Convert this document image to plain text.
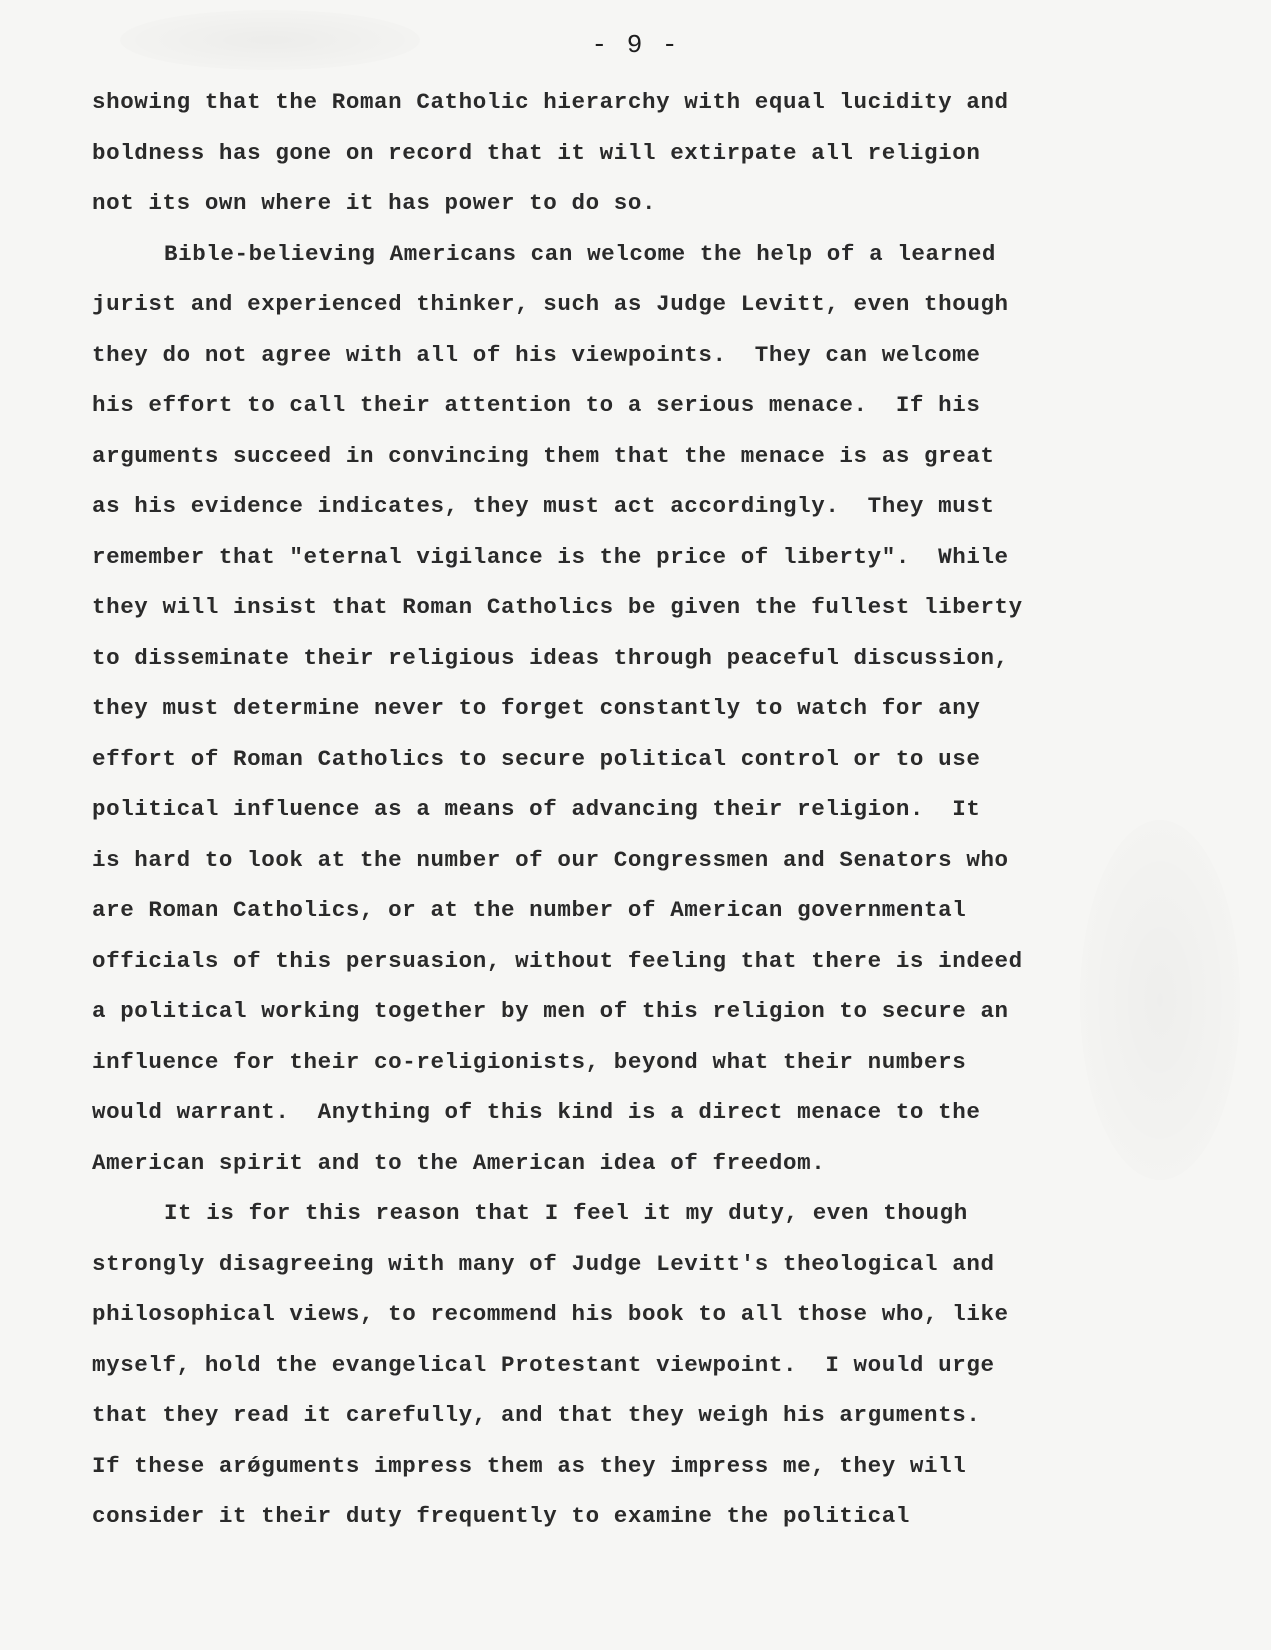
- 9 -
showing that the Roman Catholic hierarchy with equal lucidity and
boldness has gone on record that it will extirpate all religion
not its own where it has power to do so.
Bible-believing Americans can welcome the help of a learned
jurist and experienced thinker, such as Judge Levitt, even though
they do not agree with all of his viewpoints.  They can welcome
his effort to call their attention to a serious menace.  If his
arguments succeed in convincing them that the menace is as great
as his evidence indicates, they must act accordingly.  They must
remember that "eternal vigilance is the price of liberty".  While
they will insist that Roman Catholics be given the fullest liberty
to disseminate their religious ideas through peaceful discussion,
they must determine never to forget constantly to watch for any
effort of Roman Catholics to secure political control or to use
political influence as a means of advancing their religion.  It
is hard to look at the number of our Congressmen and Senators who
are Roman Catholics, or at the number of American governmental
officials of this persuasion, without feeling that there is indeed
a political working together by men of this religion to secure an
influence for their co-religionists, beyond what their numbers
would warrant.  Anything of this kind is a direct menace to the
American spirit and to the American idea of freedom.
It is for this reason that I feel it my duty, even though
strongly disagreeing with many of Judge Levitt's theological and
philosophical views, to recommend his book to all those who, like
myself, hold the evangelical Protestant viewpoint.  I would urge
that they read it carefully, and that they weigh his arguments.
If these arǿguments impress them as they impress me, they will
consider it their duty frequently to examine the political
